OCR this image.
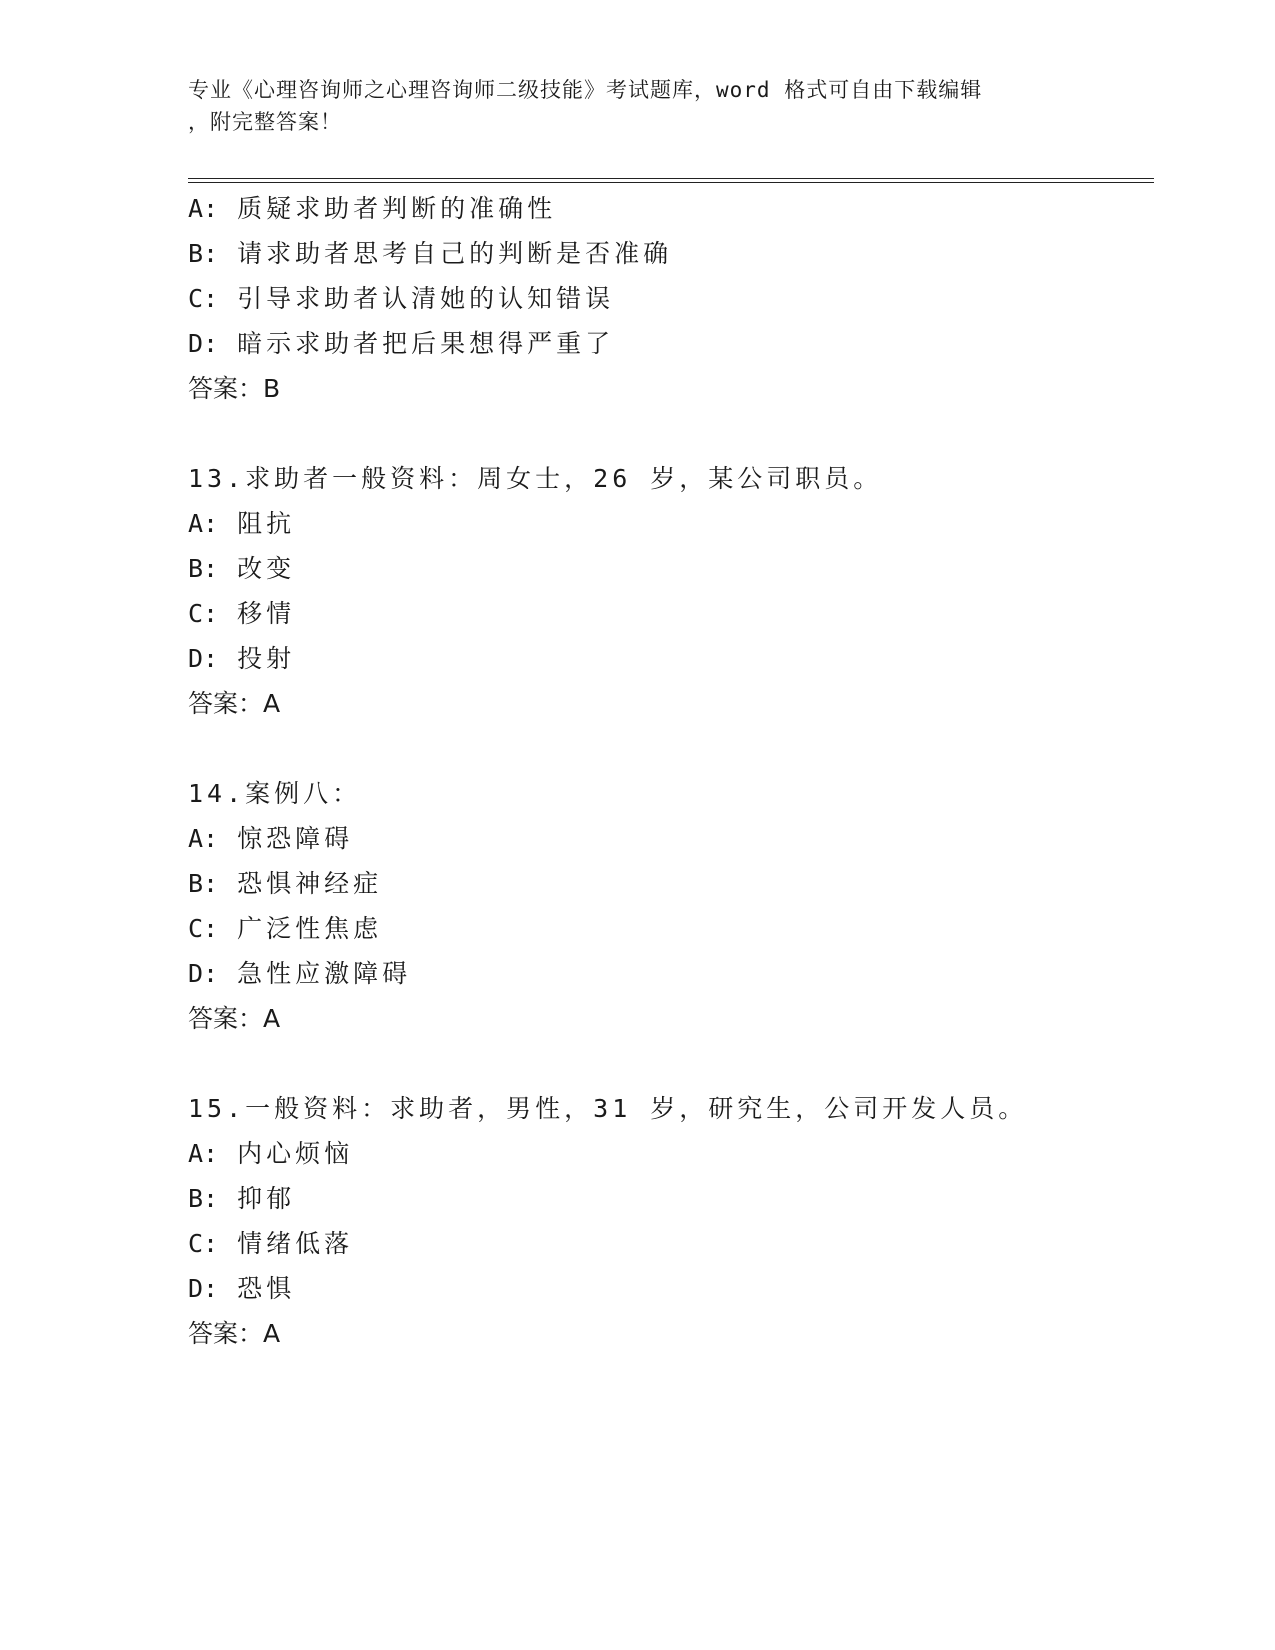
专业《心理咨询师之心理咨询师二级技能》考试题库，word 格式可自由下载编辑
，附完整答案！
A: 质疑求助者判断的准确性
B: 请求助者思考自己的判断是否准确
C: 引导求助者认清她的认知错误
D: 暗示求助者把后果想得严重了
答案：B
13.求助者一般资料：周女士，26 岁，某公司职员。
A: 阻抗
B: 改变
C: 移情
D: 投射
答案：A
14.案例八：
A: 惊恐障碍
B: 恐惧神经症
C: 广泛性焦虑
D: 急性应激障碍
答案：A
15.一般资料：求助者，男性，31 岁，研究生，公司开发人员。
A: 内心烦恼
B: 抑郁
C: 情绪低落
D: 恐惧
答案：A
